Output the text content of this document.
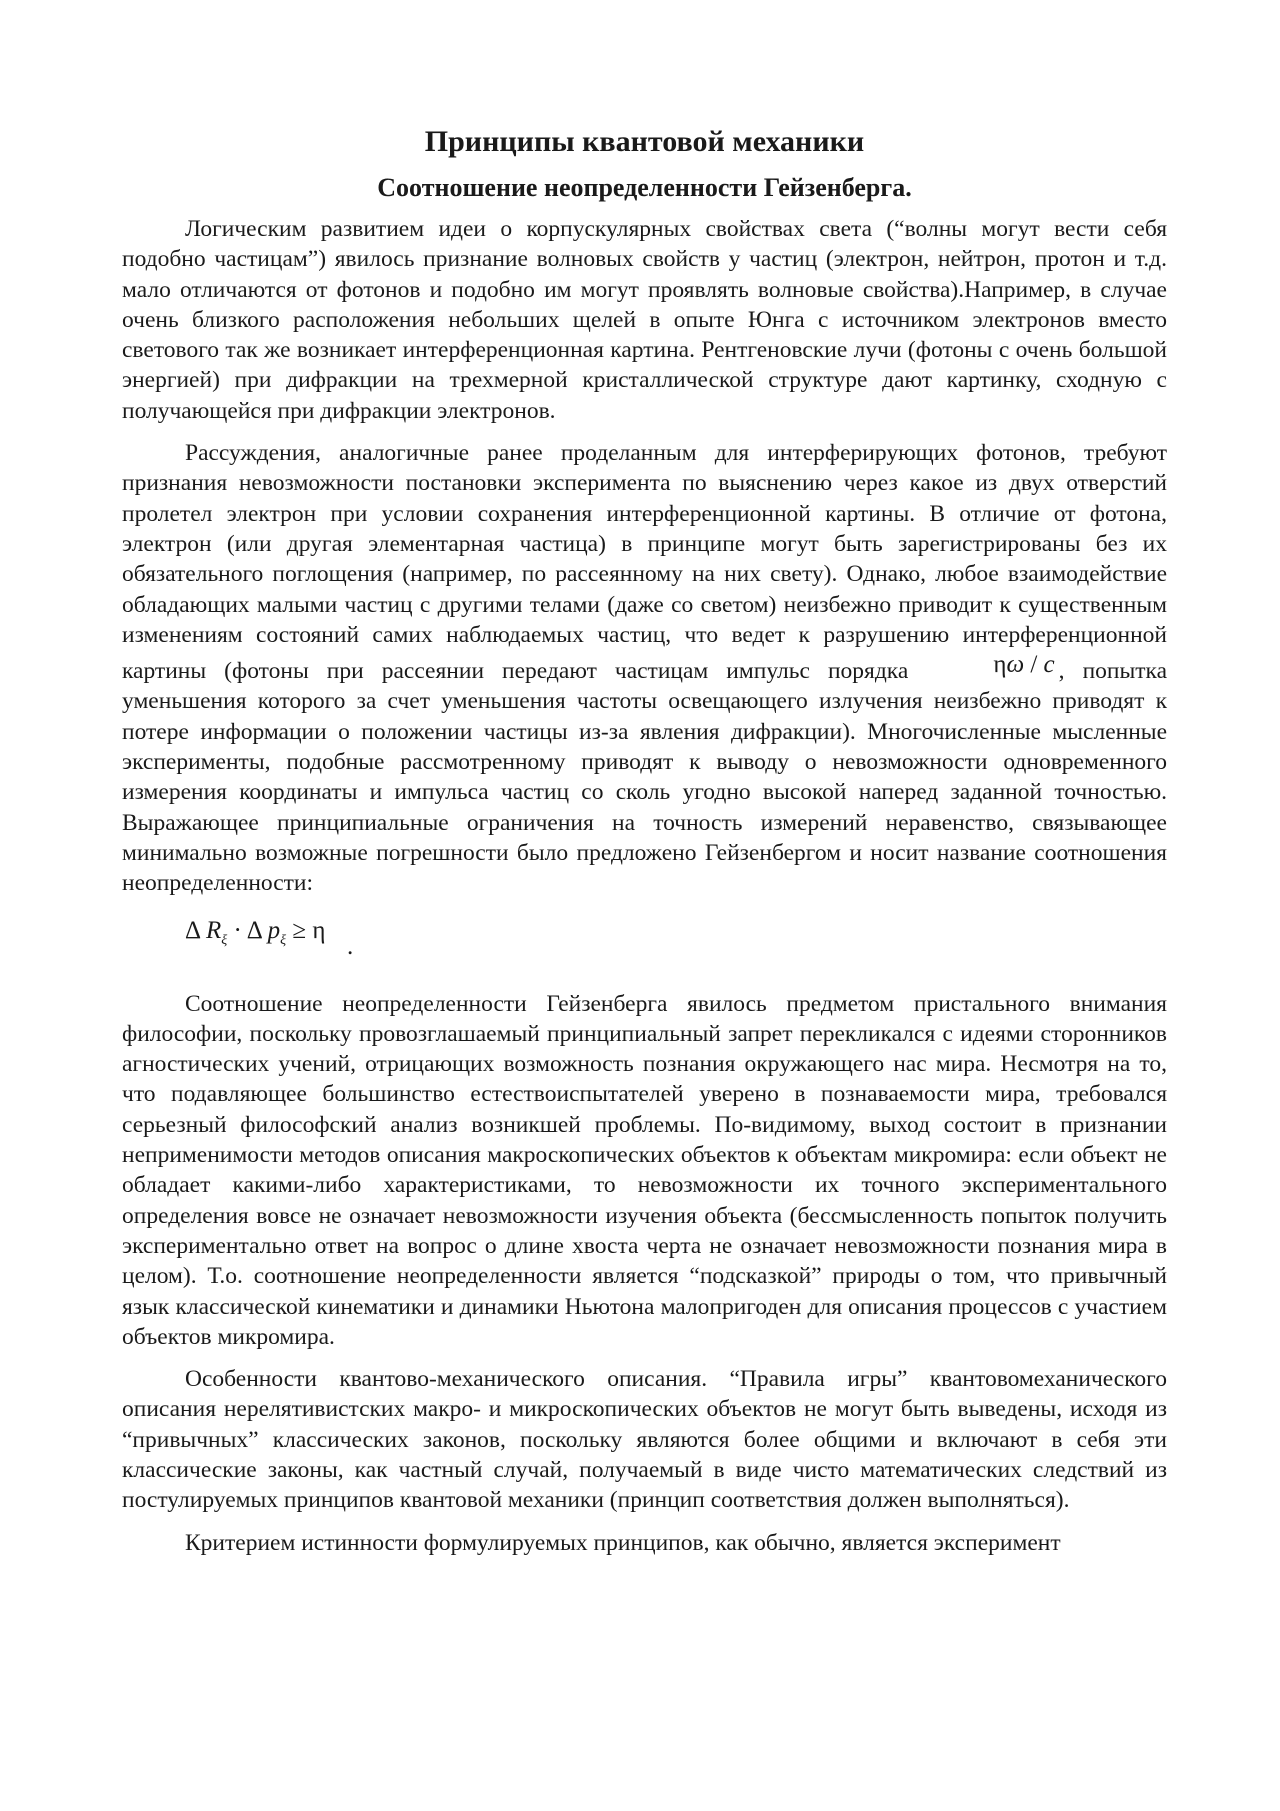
Принципы квантовой механики
Соотношение неопределенности Гейзенберга.

Логическим развитием идеи о корпускулярных свойствах света (“волны могут вести себя подобно частицам”) явилось признание волновых свойств у частиц (электрон, нейтрон, протон и т.д. мало отличаются от фотонов и подобно им могут проявлять волновые свойства).Например, в случае очень близкого расположения небольших щелей в опыте Юнга с источником электронов вместо светового так же возникает интерференционная картина. Рентгеновские лучи (фотоны с очень большой энергией) при дифракции на трехмерной кристаллической структуре дают картинку, сходную с получающейся при дифракции электронов.

Рассуждения, аналогичные ранее проделанным для интерферирующих фотонов, требуют признания невозможности постановки эксперимента по выяснению через какое из двух отверстий пролетел электрон при условии сохранения интерференционной картины. В отличие от фотона, электрон (или другая элементарная частица) в принципе могут быть зарегистрированы без их обязательного поглощения (например, по рассеянному на них свету). Однако, любое взаимодействие обладающих малыми частиц с другими телами (даже со светом) неизбежно приводит к существенным изменениям состояний самих наблюдаемых частиц, что ведет к разрушению интерференционной картины (фотоны при рассеянии передают частицам импульс порядка	ηω / c , попытка уменьшения которого за счет уменьшения частоты освещающего излучения неизбежно приводят к потере информации о положении частицы из-за явления дифракции). Многочисленные мысленные эксперименты, подобные рассмотренному приводят к выводу о невозможности одновременного измерения координаты и импульса частиц со сколь угодно высокой наперед заданной точностью. Выражающее принципиальные ограничения на точность измерений неравенство, связывающее минимально возможные погрешности было предложено Гейзенбергом и носит название соотношения неопределенности:

Δ $R_\xi \cdot \Delta$ $p_\xi \ge \eta$
.

Соотношение неопределенности Гейзенберга явилось предметом пристального внимания философии, поскольку провозглашаемый принципиальный запрет перекликался с идеями сторонников агностических учений, отрицающих возможность познания окружающего нас мира. Несмотря на то, что подавляющее большинство естествоиспытателей уверено в познаваемости мира, требовался серьезный философский анализ возникшей проблемы. По-видимому, выход состоит в признании неприменимости методов описания макроскопических объектов к объектам микромира: если объект не обладает какими-либо характеристиками, то невозможности их точного экспериментального определения вовсе не означает невозможности изучения объекта (бессмысленность попыток получить экспериментально ответ на вопрос о длине хвоста черта не означает невозможности познания мира в целом). Т.о. соотношение неопределенности является “подсказкой” природы о том, что привычный язык классической кинематики и динамики Ньютона малопригоден для описания процессов с участием объектов микромира.

Особенности квантово-механического описания. “Правила игры” квантовомеханического описания нерелятивистских макро- и микроскопических объектов не могут быть выведены, исходя из “привычных” классических законов, поскольку являются более общими и включают в себя эти классические законы, как частный случай, получаемый в виде чисто математических следствий из постулируемых принципов квантовой механики (принцип соответствия должен выполняться).

Критерием истинности формулируемых принципов, как обычно, является эксперимент
